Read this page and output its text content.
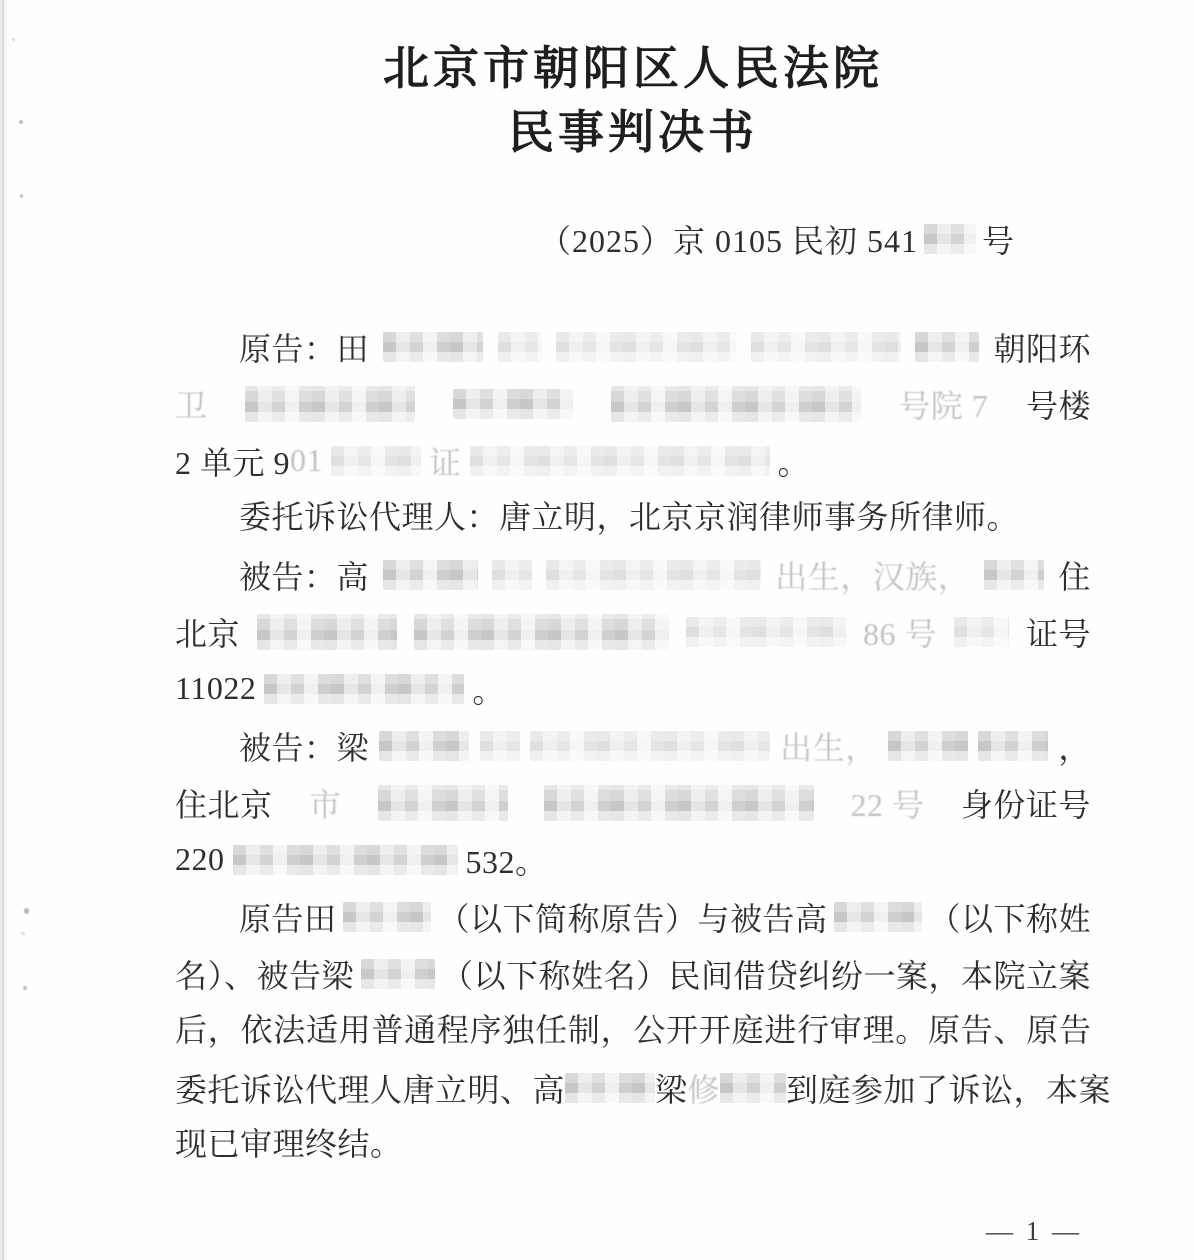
北京市朝阳区人民法院
民事判决书
（2025）京 0105 民初 541 号
原告：田	朝阳环
卫	号院 7 号楼
2 单元 9 01	证	。
委托诉讼代理人：唐立明，北京京润律师事务所律师。
被告：高	出生，汉族，	住
北京	86 号	证号
11022	。
被告：梁	出生，	，
住北京 市	22 号 身份证号
220	532。
原告田	（以下简称原告）与被告高	（以下称姓
名）、被告梁	（以下称姓名）民间借贷纠纷一案，本院立案
后，依法适用普通程序独任制，公开开庭进行审理。原告、原告
委托诉讼代理人唐立明、高	梁 修 到庭参加了诉讼，本案
现已审理终结。
— 1 —
